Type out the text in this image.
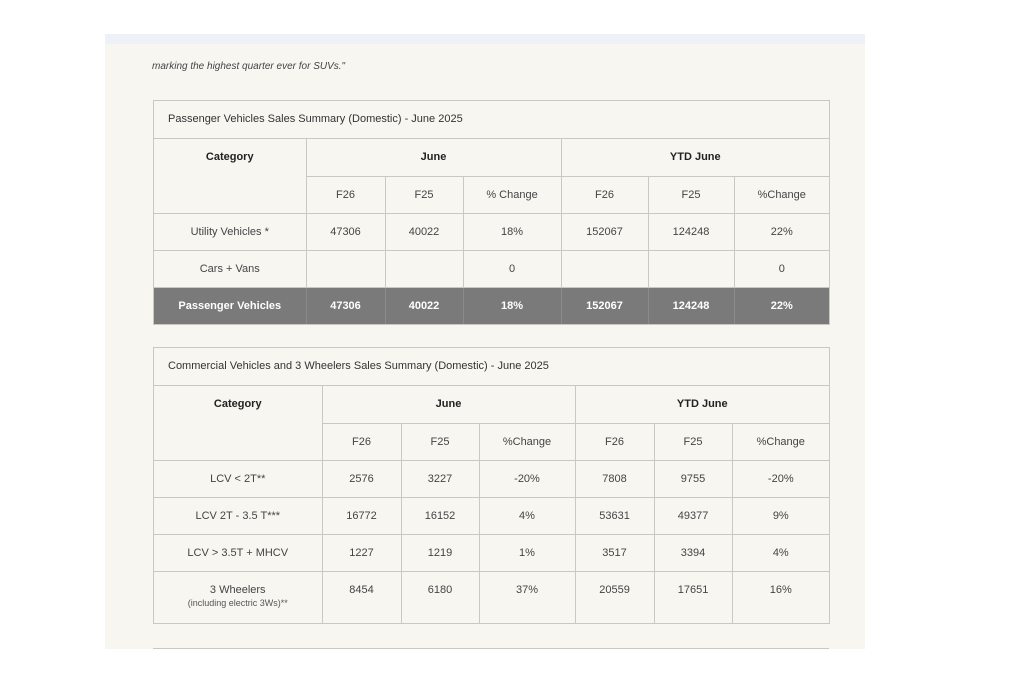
marking the highest quarter ever for SUVs."
Passenger Vehicles Sales Summary (Domestic) - June 2025
Category	June			YTD June		
	F26	F25	% Change	F26	F25	%Change
Utility Vehicles *	47306	40022	18%	152067	124248	22%
Cars + Vans			0			0
Passenger Vehicles	47306	40022	18%	152067	124248	22%
Commercial Vehicles and 3 Wheelers Sales Summary (Domestic) - June 2025
Category	June			YTD June		
	F26	F25	%Change	F26	F25	%Change
LCV < 2T**	2576	3227	-20%	7808	9755	-20%
LCV 2T - 3.5 T***	16772	16152	4%	53631	49377	9%
LCV > 3.5T + MHCV	1227	1219	1%	3517	3394	4%
3 Wheelers
(including electric 3Ws)**	8454	6180	37%	20559	17651	16%
